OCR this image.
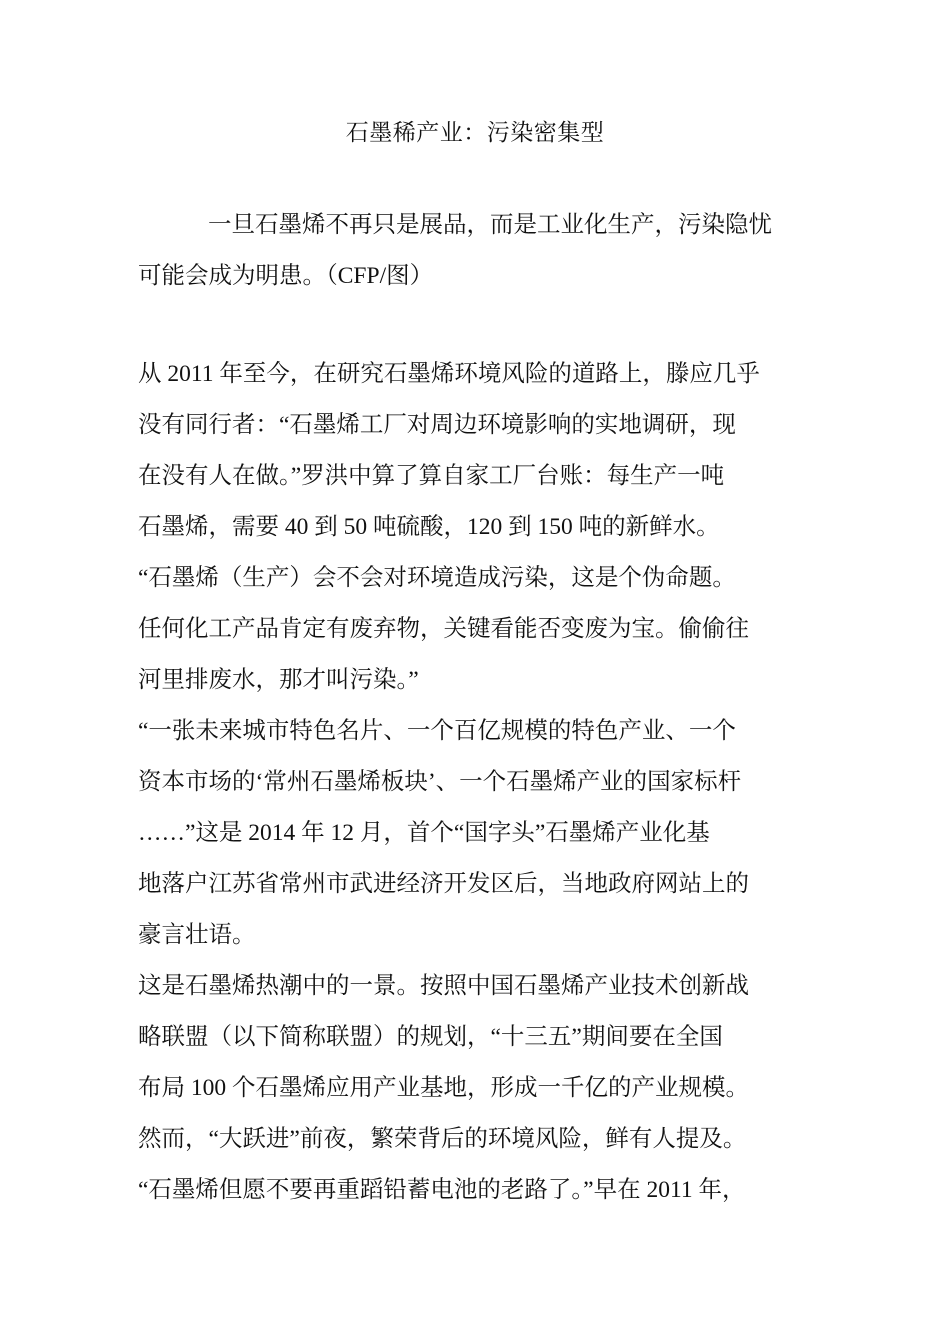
石墨稀产业：污染密集型
一旦石墨烯不再只是展品，而是工业化生产，污染隐忧
可能会成为明患。（CFP/图）
从 2011 年至今，在研究石墨烯环境风险的道路上，滕应几乎
没有同行者：“石墨烯工厂对周边环境影响的实地调研，现
在没有人在做。”罗洪中算了算自家工厂台账：每生产一吨
石墨烯，需要 40 到 50 吨硫酸，120 到 150 吨的新鲜水。
“石墨烯（生产）会不会对环境造成污染，这是个伪命题。
任何化工产品肯定有废弃物，关键看能否变废为宝。偷偷往
河里排废水，那才叫污染。”
“一张未来城市特色名片、一个百亿规模的特色产业、一个
资本市场的‘常州石墨烯板块’、一个石墨烯产业的国家标杆
……”这是 2014 年 12 月，首个“国字头”石墨烯产业化基
地落户江苏省常州市武进经济开发区后，当地政府网站上的
豪言壮语。
这是石墨烯热潮中的一景。按照中国石墨烯产业技术创新战
略联盟（以下简称联盟）的规划，“十三五”期间要在全国
布局 100 个石墨烯应用产业基地，形成一千亿的产业规模。
然而，“大跃进”前夜，繁荣背后的环境风险，鲜有人提及。
“石墨烯但愿不要再重蹈铅蓄电池的老路了。”早在 2011 年，
